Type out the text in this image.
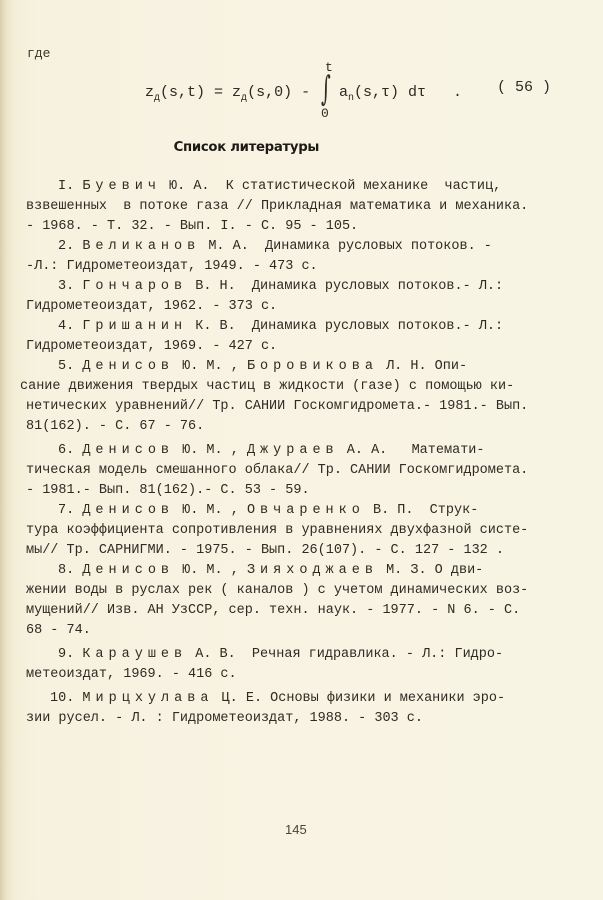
где
$z_д(s,t) = z_д(s,0)$ -
t
∫
0
$a_n(s,\tau)$ dτ   . ( 56 )
Список литературы
I. Буевич Ю. А.  К статистической механике  частиц,
взвешенных  в потоке газа // Прикладная математика и механика.
- 1968. - Т. 32. - Вып. I. - С. 95 - 105.
2. Великанов М. А.  Динамика русловых потоков. -
-Л.: Гидрометеоиздат, 1949. - 473 с.
3. Гончаров В. Н.  Динамика русловых потоков.- Л.:
Гидрометеоиздат, 1962. - 373 с.
4. Гришанин К. В.  Динамика русловых потоков.- Л.:
Гидрометеоиздат, 1969. - 427 с.
5. Денисов Ю. М. , Боровикова Л. Н. Опи-
сание движения твердых частиц в жидкости (газе) с помощью ки-
нетических уравнений// Тр. САНИИ Госкомгидромета.- 1981.- Вып.
81(162). - С. 67 - 76.
6. Денисов Ю. М. , Джураев А. А.   Математи-
тическая модель смешанного облака// Тр. САНИИ Госкомгидромета.
- 1981.- Вып. 81(162).- С. 53 - 59.
7. Денисов Ю. М. , Овчаренко В. П.  Струк-
тура коэффициента сопротивления в уравнениях двухфазной систе-
мы// Тр. САРНИГМИ. - 1975. - Вып. 26(107). - С. 127 - 132 .
8. Денисов Ю. М. , Зияходжаев М. З. О дви-
жении воды в руслах рек ( каналов ) с учетом динамических воз-
мущений// Изв. АН УзССР, сер. техн. наук. - 1977. - N 6. - С.
68 - 74.
9. Караушев А. В.  Речная гидравлика. - Л.: Гидро-
метеоиздат, 1969. - 416 с.
10. Мирцхулава Ц. Е. Основы физики и механики эро-
зии русел. - Л. : Гидрометеоиздат, 1988. - 303 с.
145
